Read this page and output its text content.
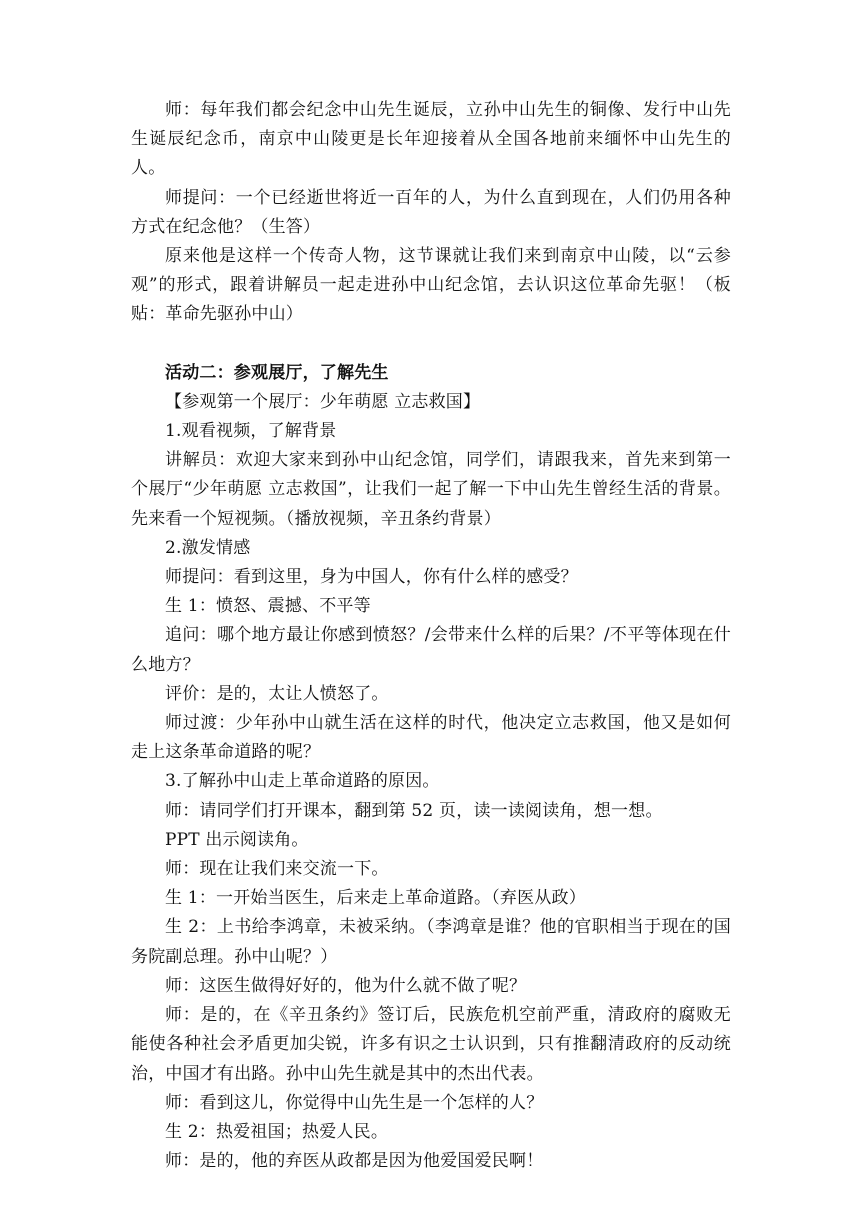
师：每年我们都会纪念中山先生诞辰，立孙中山先生的铜像、发行中山先生诞辰纪念币，南京中山陵更是长年迎接着从全国各地前来缅怀中山先生的人。

师提问：一个已经逝世将近一百年的人，为什么直到现在，人们仍用各种方式在纪念他？（生答）

原来他是这样一个传奇人物，这节课就让我们来到南京中山陵，以“云参观”的形式，跟着讲解员一起走进孙中山纪念馆，去认识这位革命先驱！（板贴：革命先驱孙中山）

活动二：参观展厅，了解先生

【参观第一个展厅：少年萌愿 立志救国】

1.观看视频，了解背景

讲解员：欢迎大家来到孙中山纪念馆，同学们，请跟我来，首先来到第一个展厅“少年萌愿 立志救国”，让我们一起了解一下中山先生曾经生活的背景。先来看一个短视频。（播放视频，辛丑条约背景）

2.激发情感

师提问：看到这里，身为中国人，你有什么样的感受？

生 1：愤怒、震撼、不平等

追问：哪个地方最让你感到愤怒？/会带来什么样的后果？/不平等体现在什么地方？

评价：是的，太让人愤怒了。

师过渡：少年孙中山就生活在这样的时代，他决定立志救国，他又是如何走上这条革命道路的呢？

3.了解孙中山走上革命道路的原因。

师：请同学们打开课本，翻到第 52 页，读一读阅读角，想一想。

PPT 出示阅读角。

师：现在让我们来交流一下。

生 1：一开始当医生，后来走上革命道路。（弃医从政）

生 2：上书给李鸿章，未被采纳。（李鸿章是谁？他的官职相当于现在的国务院副总理。孙中山呢？）

师：这医生做得好好的，他为什么就不做了呢？

师：是的，在《辛丑条约》签订后，民族危机空前严重，清政府的腐败无能使各种社会矛盾更加尖锐，许多有识之士认识到，只有推翻清政府的反动统治，中国才有出路。孙中山先生就是其中的杰出代表。

师：看到这儿，你觉得中山先生是一个怎样的人？

生 2：热爱祖国；热爱人民。

师：是的，他的弃医从政都是因为他爱国爱民啊！
